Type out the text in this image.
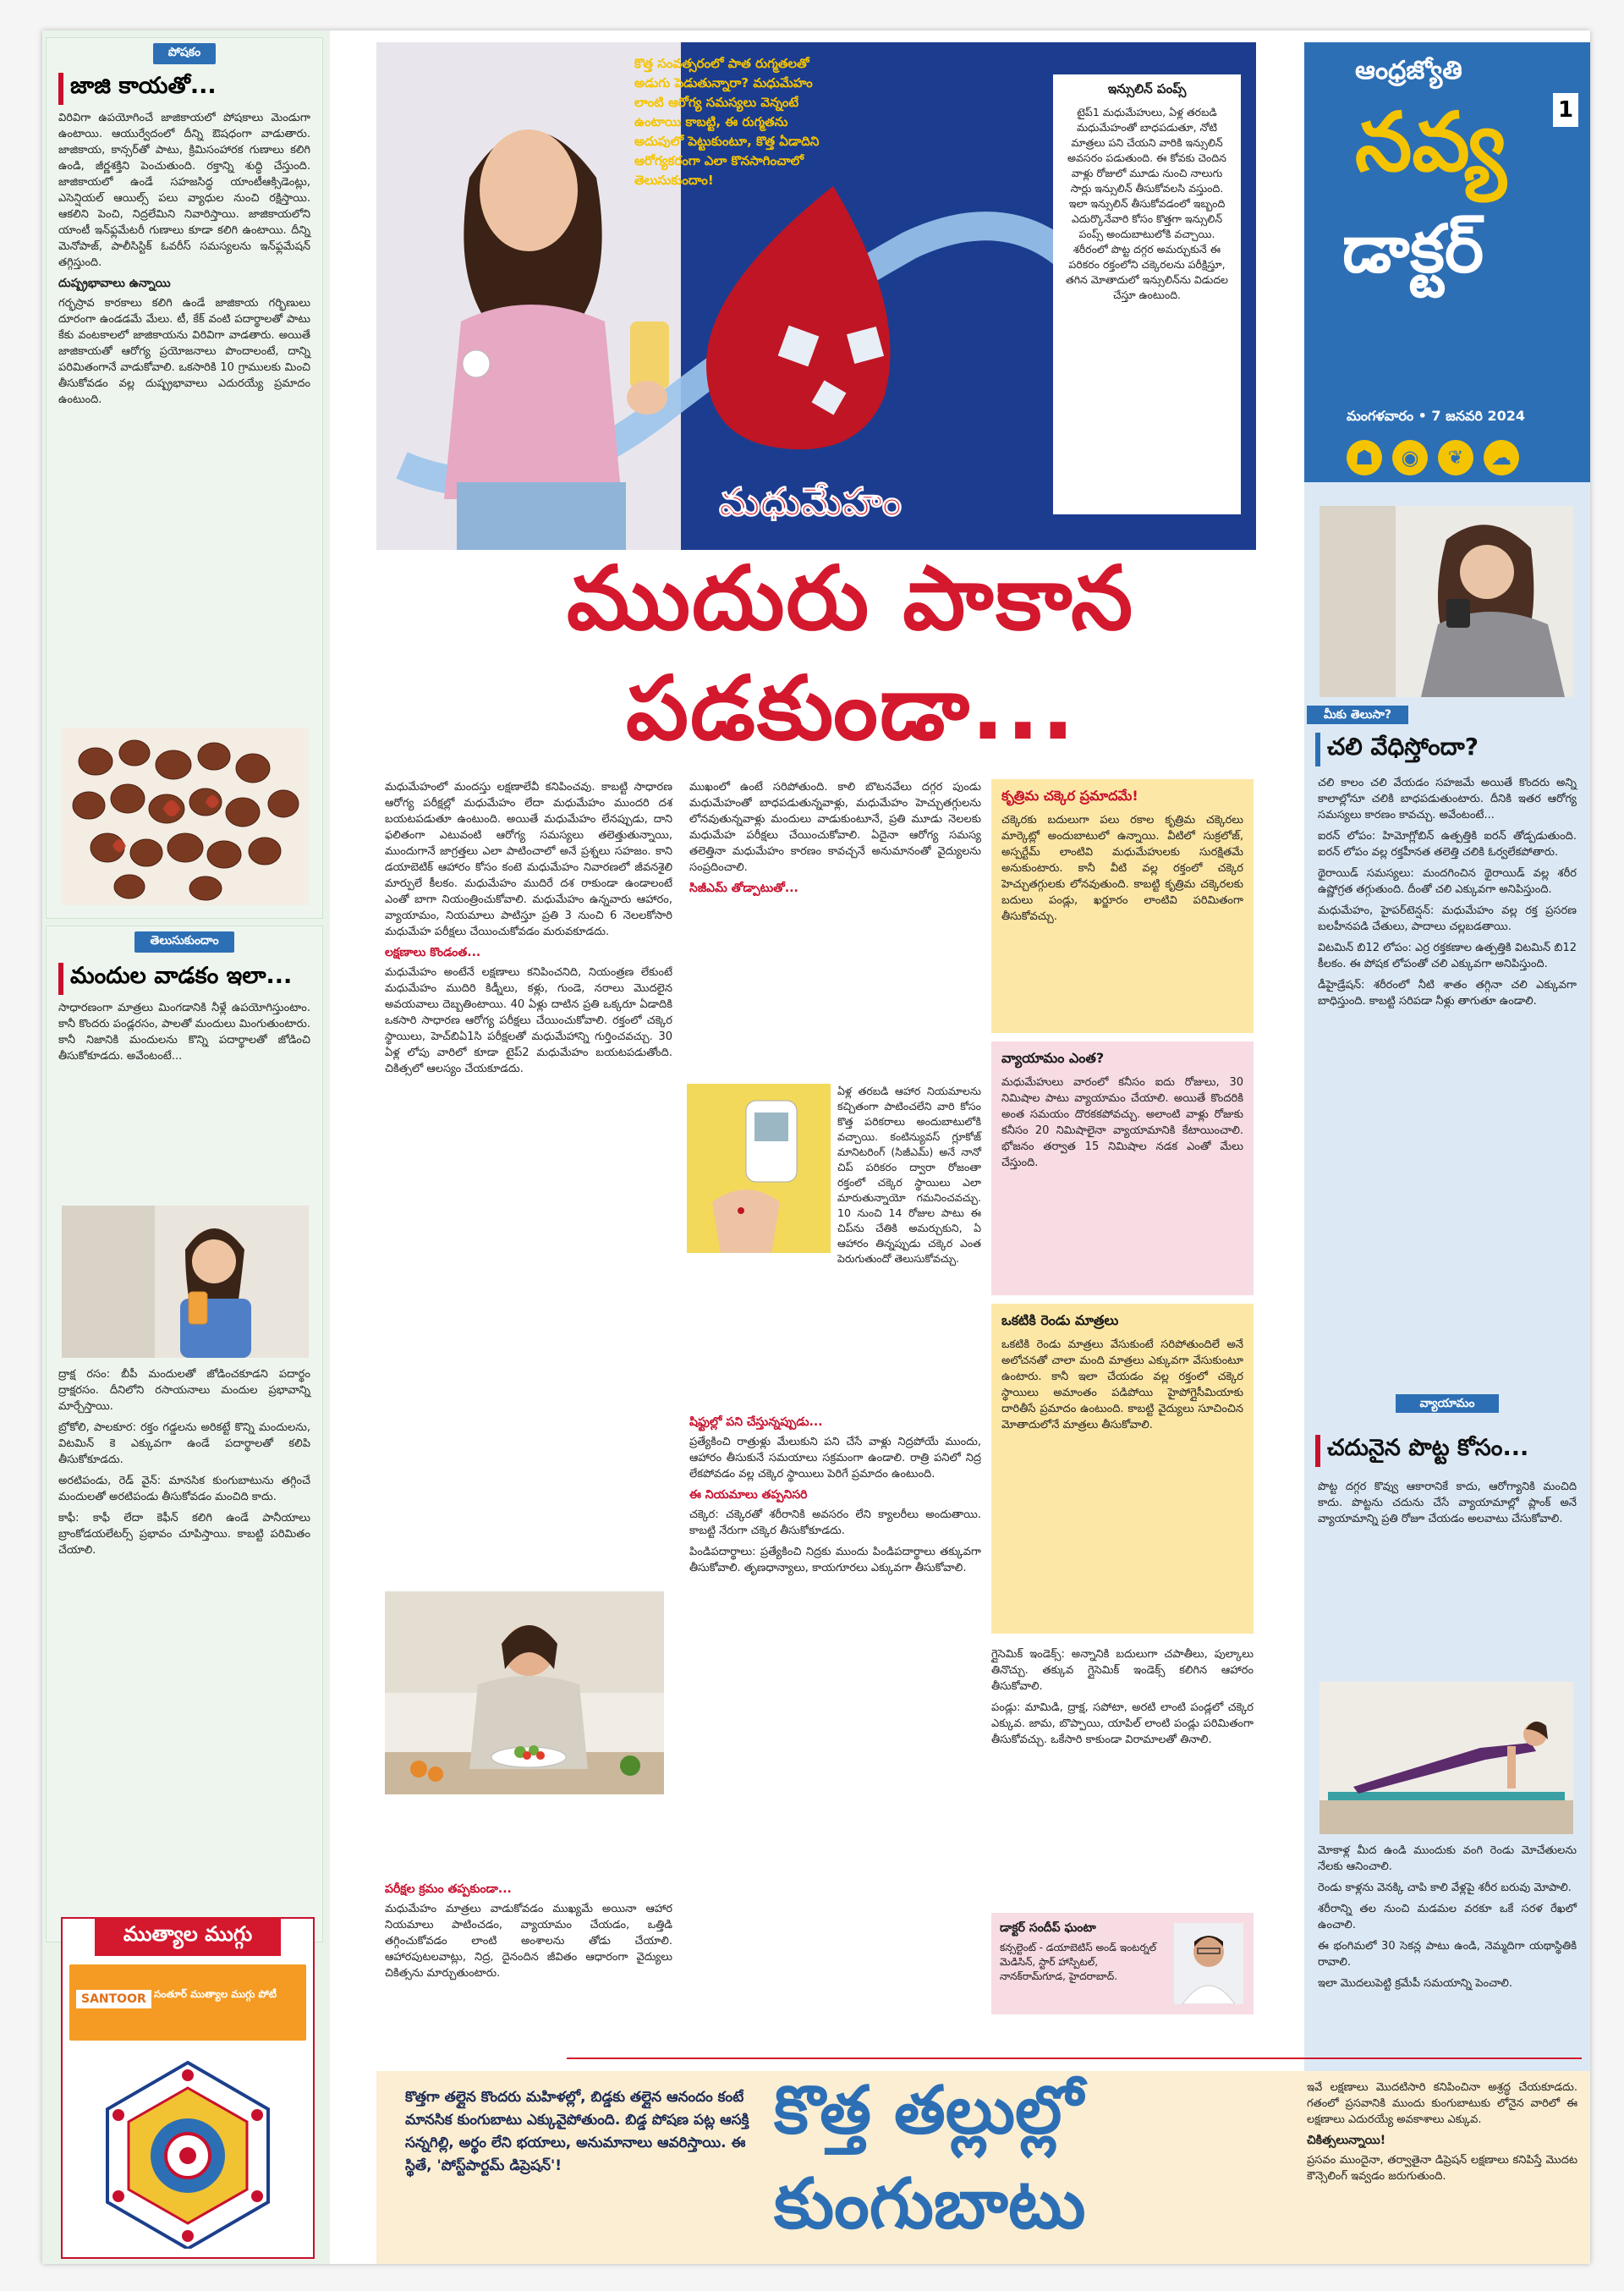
పోషకం
జాజి కాయతో...

విరివిగా ఉపయోగించే జాజికాయలో పోషకాలు మెండుగా ఉంటాయి. ఆయుర్వేదంలో దీన్ని ఔషధంగా వాడుతారు. జాజికాయ, కాన్సర్‌తో పాటు, క్రిమిసంహారక గుణాలు కలిగి ఉండి, జీర్ణశక్తిని పెంచుతుంది. రక్తాన్ని శుద్ధి చేస్తుంది. జాజికాయలో ఉండే సహజసిద్ధ యాంటీఆక్సిడెంట్లు, ఎసెన్షియల్ ఆయిల్స్ పలు వ్యాధుల నుంచి రక్షిస్తాయి. ఆకలిని పెంచి, నిద్రలేమిని నివారిస్తాయి. జాజికాయలోని యాంటీ ఇన్‌ఫ్లమేటరీ గుణాలు కూడా కలిగి ఉంటాయి. దీన్ని మెనోపాజ్, పాలీసిస్టిక్ ఓవరీస్ సమస్యలను ఇన్‌ఫ్లమేషన్ తగ్గిస్తుంది.

దుష్ప్రభావాలు ఉన్నాయి

గర్భస్రావ కారకాలు కలిగి ఉండే జాజికాయ గర్భిణులు దూరంగా ఉండడమే మేలు. టీ, కేక్ వంటి పదార్థాలతో పాటు కేకు వంటకాలలో జాజికాయను విరివిగా వాడతారు. అయితే జాజికాయతో ఆరోగ్య ప్రయోజనాలు పొందాలంటే, దాన్ని పరిమితంగానే వాడుకోవాలి. ఒకసారికి 10 గ్రాములకు మించి తీసుకోవడం వల్ల దుష్ప్రభావాలు ఎదురయ్యే ప్రమాదం ఉంటుంది.

తెలుసుకుందాం
మందుల వాడకం ఇలా...

సాధారణంగా మాత్రలు మింగడానికి నీళ్లే ఉపయోగిస్తుంటాం. కానీ కొందరు పండ్లరసం, పాలతో మందులు మింగుతుంటారు. కానీ నిజానికి మందులను కొన్ని పదార్థాలతో జోడించి తీసుకోకూడదు. అవేంటంటే...

ద్రాక్ష రసం: బీపీ మందులతో జోడించకూడని పదార్థం ద్రాక్షరసం. దీనిలోని రసాయనాలు మందుల ప్రభావాన్ని మార్చేస్తాయి.

బ్రోకోలి, పాలకూర: రక్తం గడ్డలను అరికట్టే కొన్ని మందులను, విటమిన్ కె ఎక్కువగా ఉండే పదార్థాలతో కలిపి తీసుకోకూడదు.

అరటిపండు, రెడ్ వైన్: మానసిక కుంగుబాటును తగ్గించే మందులతో అరటిపండు తీసుకోవడం మంచిది కాదు.

కాఫీ: కాఫీ లేదా కెఫీన్ కలిగి ఉండే పానీయాలు బ్రాంకోడయలేటర్స్ ప్రభావం చూపిస్తాయి. కాబట్టి పరిమితం చేయాలి.

ముత్యాల ముగ్గు
SANTOOR సంతూర్ ముత్యాల ముగ్గు పోటీ
కొత్త సంవత్సరంలో పాత రుగ్మతలతో అడుగు పెడుతున్నారా? మధుమేహం లాంటి ఆరోగ్య సమస్యలు వెన్నంటే ఉంటాయి కాబట్టి, ఈ రుగ్మతను అదుపులో పెట్టుకుంటూ, కొత్త ఏడాదిని ఆరోగ్యకరంగా ఎలా కొనసాగించాలో తెలుసుకుందాం!
ఇన్సులిన్ పంప్స్
టైప్1 మధుమేహులు, ఏళ్ల తరబడి మధుమేహంతో బాధపడుతూ, నోటి మాత్రలు పని చేయని వారికి ఇన్సులిన్ అవసరం పడుతుంది. ఈ కోవకు చెందిన వాళ్లు రోజులో మూడు నుంచి నాలుగు సార్లు ఇన్సులిన్ తీసుకోవలసి వస్తుంది. ఇలా ఇన్సులిన్ తీసుకోవడంలో ఇబ్బంది ఎదుర్కొనేవారి కోసం కొత్తగా ఇన్సులిన్ పంప్స్ అందుబాటులోకి వచ్చాయి. శరీరంలో పొట్ట దగ్గర అమర్చుకునే ఈ పరికరం రక్తంలోని చక్కెరలను పరీక్షిస్తూ, తగిన మోతాదులో ఇన్సులిన్‌ను విడుదల చేస్తూ ఉంటుంది.
మధుమేహం
ముదురు పాకాన
పడకుండా...

మధుమేహంలో మందస్తు లక్షణాలేవీ కనిపించవు. కాబట్టి సాధారణ ఆరోగ్య పరీక్షల్లో మధుమేహం లేదా మధుమేహం ముందరి దశ బయటపడుతూ ఉంటుంది. అయితే మధుమేహం లేనప్పుడు, దాని ఫలితంగా ఎటువంటి ఆరోగ్య సమస్యలు తలెత్తుతున్నాయి, ముందుగానే జాగ్రత్తలు ఎలా పాటించాలో అనే ప్రశ్నలు సహజం. కాని డయాబెటిక్ ఆహారం కోసం కంటె మధుమేహం నివారణలో జీవనశైలి మార్పులే కీలకం. మధుమేహం ముదిరే దశ రాకుండా ఉండాలంటే ఎంతో బాగా నియంత్రించుకోవాలి. మధుమేహం ఉన్నవారు ఆహారం, వ్యాయామం, నియమాలు పాటిస్తూ ప్రతి 3 నుంచి 6 నెలలకోసారి మధుమేహ పరీక్షలు చేయించుకోవడం మరువకూడదు.

లక్షణాలు కొండంత...

మధుమేహం అంటేనే లక్షణాలు కనిపించనిది, నియంత్రణ లేకుంటే మధుమేహం ముదిరి కిడ్నీలు, కళ్లు, గుండె, నరాలు మొదలైన అవయవాలు దెబ్బతింటాయి. 40 ఏళ్లు దాటిన ప్రతి ఒక్కరూ ఏడాదికి ఒకసారి సాధారణ ఆరోగ్య పరీక్షలు చేయించుకోవాలి. రక్తంలో చక్కెర స్థాయిలు, హెచ్‌బిఏ1సి పరీక్షలతో మధుమేహాన్ని గుర్తించవచ్చు. 30 ఏళ్ల లోపు వారిలో కూడా టైప్2 మధుమేహం బయటపడుతోంది. చికిత్సలో ఆలస్యం చేయకూడదు.

పరీక్షల క్రమం తప్పకుండా...

మధుమేహం మాత్రలు వాడుకోవడం ముఖ్యమే అయినా ఆహార నియమాలు పాటించడం, వ్యాయామం చేయడం, ఒత్తిడి తగ్గించుకోవడం లాంటి అంశాలను తోడు చేయాలి. ఆహారపుటలవాట్లు, నిద్ర, దైనందిన జీవితం ఆధారంగా వైద్యులు చికిత్సను మార్చుతుంటారు.

ముఖంలో ఉంటే సరిపోతుంది. కాలి బొటనవేలు దగ్గర పుండు మధుమేహంతో బాధపడుతున్నవాళ్లు, మధుమేహం హెచ్చుతగ్గులను లోనవుతున్నవాళ్లు మందులు వాడుకుంటూనే, ప్రతి మూడు నెలలకు మధుమేహ పరీక్షలు చేయించుకోవాలి. ఏదైనా ఆరోగ్య సమస్య తలెత్తినా మధుమేహం కారణం కావచ్చనే అనుమానంతో వైద్యులను సంప్రదించాలి.

సిజీఎమ్ తోడ్పాటుతో...
ఏళ్ల తరబడి ఆహార నియమాలను కచ్చితంగా పాటించలేని వారి కోసం కొత్త పరికరాలు అందుబాటులోకి వచ్చాయి. కంటిన్యువస్ గ్లూకోజ్ మానిటరింగ్ (సిజీఎమ్) అనే నానో చిప్ పరికరం ద్వారా రోజంతా రక్తంలో చక్కెర స్థాయిలు ఎలా మారుతున్నాయో గమనించవచ్చు. 10 నుంచి 14 రోజుల పాటు ఈ చిప్‌ను చేతికి అమర్చుకుని, ఏ ఆహారం తిన్నప్పుడు చక్కెర ఎంత పెరుగుతుందో తెలుసుకోవచ్చు.
షిఫ్టుల్లో పని చేస్తున్నప్పుడు...

ప్రత్యేకించి రాత్రుళ్లు మేలుకుని పని చేసే వాళ్లు నిద్రపోయే ముందు, ఆహారం తీసుకునే సమయాలు సక్రమంగా ఉండాలి. రాత్రి పనిలో నిద్ర లేకపోవడం వల్ల చక్కెర స్థాయిలు పెరిగే ప్రమాదం ఉంటుంది.

ఈ నియమాలు తప్పనిసరి

చక్కెర: చక్కెరతో శరీరానికి అవసరం లేని క్యాలరీలు అందుతాయి. కాబట్టి నేరుగా చక్కెర తీసుకోకూడదు.

పిండిపదార్థాలు: ప్రత్యేకించి నిద్రకు ముందు పిండిపదార్థాలు తక్కువగా తీసుకోవాలి. తృణధాన్యాలు, కాయగూరలు ఎక్కువగా తీసుకోవాలి.

కృత్రిమ చక్కెర ప్రమాదమే!
చక్కెరకు బదులుగా పలు రకాల కృత్రిమ చక్కెరలు మార్కెట్లో అందుబాటులో ఉన్నాయి. వీటిలో సుక్రలోజ్, అస్పర్టేమ్ లాంటివి మధుమేహులకు సురక్షితమే అనుకుంటారు. కానీ వీటి వల్ల రక్తంలో చక్కెర హెచ్చుతగ్గులకు లోనవుతుంది. కాబట్టి కృత్రిమ చక్కెరలకు బదులు పండ్లు, ఖర్జూరం లాంటివి పరిమితంగా తీసుకోవచ్చు.
వ్యాయామం ఎంత?
మధుమేహులు వారంలో కనీసం ఐదు రోజులు, 30 నిమిషాల పాటు వ్యాయామం చేయాలి. అయితే కొందరికి అంత సమయం దొరకకపోవచ్చు. అలాంటి వాళ్లు రోజుకు కనీసం 20 నిమిషాలైనా వ్యాయామానికి కేటాయించాలి. భోజనం తర్వాత 15 నిమిషాల నడక ఎంతో మేలు చేస్తుంది.
ఒకటికి రెండు మాత్రలు
ఒకటికి రెండు మాత్రలు వేసుకుంటే సరిపోతుందిలే అనే అలోచనతో చాలా మంది మాత్రలు ఎక్కువగా వేసుకుంటూ ఉంటారు. కానీ ఇలా చేయడం వల్ల రక్తంలో చక్కెర స్థాయిలు అమాంతం పడిపోయి హైపోగ్లైసీమియాకు దారితీసే ప్రమాదం ఉంటుంది. కాబట్టి వైద్యులు సూచించిన మోతాదులోనే మాత్రలు తీసుకోవాలి.

గ్లైసెమిక్ ఇండెక్స్: అన్నానికి బదులుగా చపాతీలు, పుల్కాలు తినొచ్చు. తక్కువ గ్లైసెమిక్ ఇండెక్స్ కలిగిన ఆహారం తీసుకోవాలి.

పండ్లు: మామిడి, ద్రాక్ష, సపోటా, అరటి లాంటి పండ్లలో చక్కెర ఎక్కువ. జామ, బొప్పాయి, యాపిల్ లాంటి పండ్లు పరిమితంగా తీసుకోవచ్చు. ఒకేసారి కాకుండా విరామాలతో తినాలి.

డాక్టర్ సందీప్ ఘంటా
కన్సల్టెంట్ - డయాబెటిస్ అండ్ ఇంటర్నల్ మెడిసిన్, స్టార్ హాస్పిటల్, నానక్‌రామ్‌గూడ, హైదరాబాద్.
ఆంధ్రజ్యోతి
1
నవ్య
డాక్టర్
మంగళవారం • 7 జనవరి 2024
☗	◉	❦	☁
మీకు తెలుసా?
చలి వేధిస్తోందా?

చలి కాలం చలి వేయడం సహజమే అయితే కొందరు అన్ని కాలాల్లోనూ చలికి బాధపడుతుంటారు. దీనికి ఇతర ఆరోగ్య సమస్యలు కారణం కావచ్చు. అవేంటంటే...

ఐరన్ లోపం: హిమోగ్లోబిన్ ఉత్పత్తికి ఐరన్ తోడ్పడుతుంది. ఐరన్ లోపం వల్ల రక్తహీనత తలెత్తి చలికి ఓర్వలేకపోతారు.

థైరాయిడ్ సమస్యలు: మందగించిన థైరాయిడ్ వల్ల శరీర ఉష్ణోగ్రత తగ్గుతుంది. దీంతో చలి ఎక్కువగా అనిపిస్తుంది.

మధుమేహం, హైపర్‌టెన్షన్: మధుమేహం వల్ల రక్త ప్రసరణ బలహీనపడి చేతులు, పాదాలు చల్లబడతాయి.

విటమిన్ బి12 లోపం: ఎర్ర రక్తకణాల ఉత్పత్తికి విటమిన్ బి12 కీలకం. ఈ పోషక లోపంతో చలి ఎక్కువగా అనిపిస్తుంది.

డీహైడ్రేషన్: శరీరంలో నీటి శాతం తగ్గినా చలి ఎక్కువగా బాధిస్తుంది. కాబట్టి సరిపడా నీళ్లు తాగుతూ ఉండాలి.

వ్యాయామం
చదునైన పొట్ట కోసం...
పొట్ట దగ్గర కొవ్వు ఆకారానికే కాదు, ఆరోగ్యానికి మంచిది కాదు. పొట్టను చదును చేసే వ్యాయామాల్లో ప్లాంక్ అనే వ్యాయామాన్ని ప్రతి రోజూ చేయడం అలవాటు చేసుకోవాలి.

మోకాళ్ల మీద ఉండి ముందుకు వంగి రెండు మోచేతులను నేలకు ఆనించాలి.

రెండు కాళ్లను వెనక్కి చాపి కాలి వేళ్లపై శరీర బరువు మోపాలి.

శరీరాన్ని తల నుంచి మడమల వరకూ ఒకే సరళ రేఖలో ఉంచాలి.

ఈ భంగిమలో 30 సెకన్ల పాటు ఉండి, నెమ్మదిగా యథాస్థితికి రావాలి.

ఇలా మొదలుపెట్టి క్రమేపీ సమయాన్ని పెంచాలి.

కొత్తగా తల్లైన కొందరు మహిళల్లో, బిడ్డకు తల్లైన ఆనందం కంటే మానసిక కుంగుబాటు ఎక్కువైపోతుంది. బిడ్డ పోషణ పట్ల ఆసక్తి సన్నగిల్లి, అర్థం లేని భయాలు, అనుమానాలు ఆవరిస్తాయి. ఈ స్థితే, 'పోస్ట్‌పార్టమ్ డిప్రెషన్'!
కొత్త తల్లుల్లో
కుంగుబాటు

ఇవే లక్షణాలు మొదటిసారి కనిపించినా అశ్రద్ధ చేయకూడదు. గతంలో ప్రసవానికి ముందు కుంగుబాటుకు లోనైన వారిలో ఈ లక్షణాలు ఎదురయ్యే అవకాశాలు ఎక్కువ.

చికిత్సలున్నాయి!

ప్రసవం ముందైనా, తర్వాతైనా డిప్రెషన్ లక్షణాలు కనిపిస్తే మొదట కౌన్సెలింగ్ ఇవ్వడం జరుగుతుంది.
